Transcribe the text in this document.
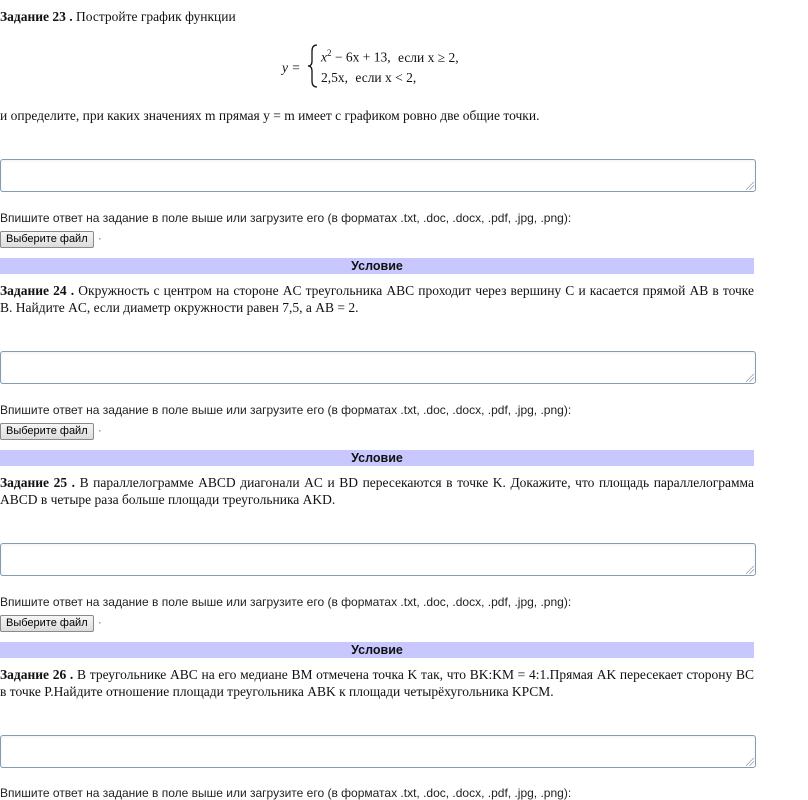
Задание 23 . Постройте график функции
y =
$x^2 - 6x + 13$, если x ≥ 2,
2,5x, если x < 2,
и определите, при каких значениях m прямая y = m имеет с графиком ровно две общие точки.
Впишите ответ на задание в поле выше или загрузите его (в форматах .txt, .doc, .docx, .pdf, .jpg, .png):
Выберите файл ·
Условие
Задание 24 . Окружность с центром на стороне AC треугольника ABC проходит через вершину C и касается прямой AB в точке B. Найдите AC, если диаметр окружности равен 7,5, а AB = 2.
Впишите ответ на задание в поле выше или загрузите его (в форматах .txt, .doc, .docx, .pdf, .jpg, .png):
Выберите файл ·
Условие
Задание 25 . В параллелограмме ABCD диагонали AC и BD пересекаются в точке K. Докажите, что площадь параллелограмма ABCD в четыре раза больше площади треугольника AKD.
Впишите ответ на задание в поле выше или загрузите его (в форматах .txt, .doc, .docx, .pdf, .jpg, .png):
Выберите файл ·
Условие
Задание 26 . В треугольнике ABC на его медиане BM отмечена точка K так, что BK:KM = 4:1.Прямая AK пересекает сторону BC в точке P.Найдите отношение площади треугольника ABK к площади четырёхугольника KPCM.
Впишите ответ на задание в поле выше или загрузите его (в форматах .txt, .doc, .docx, .pdf, .jpg, .png):
